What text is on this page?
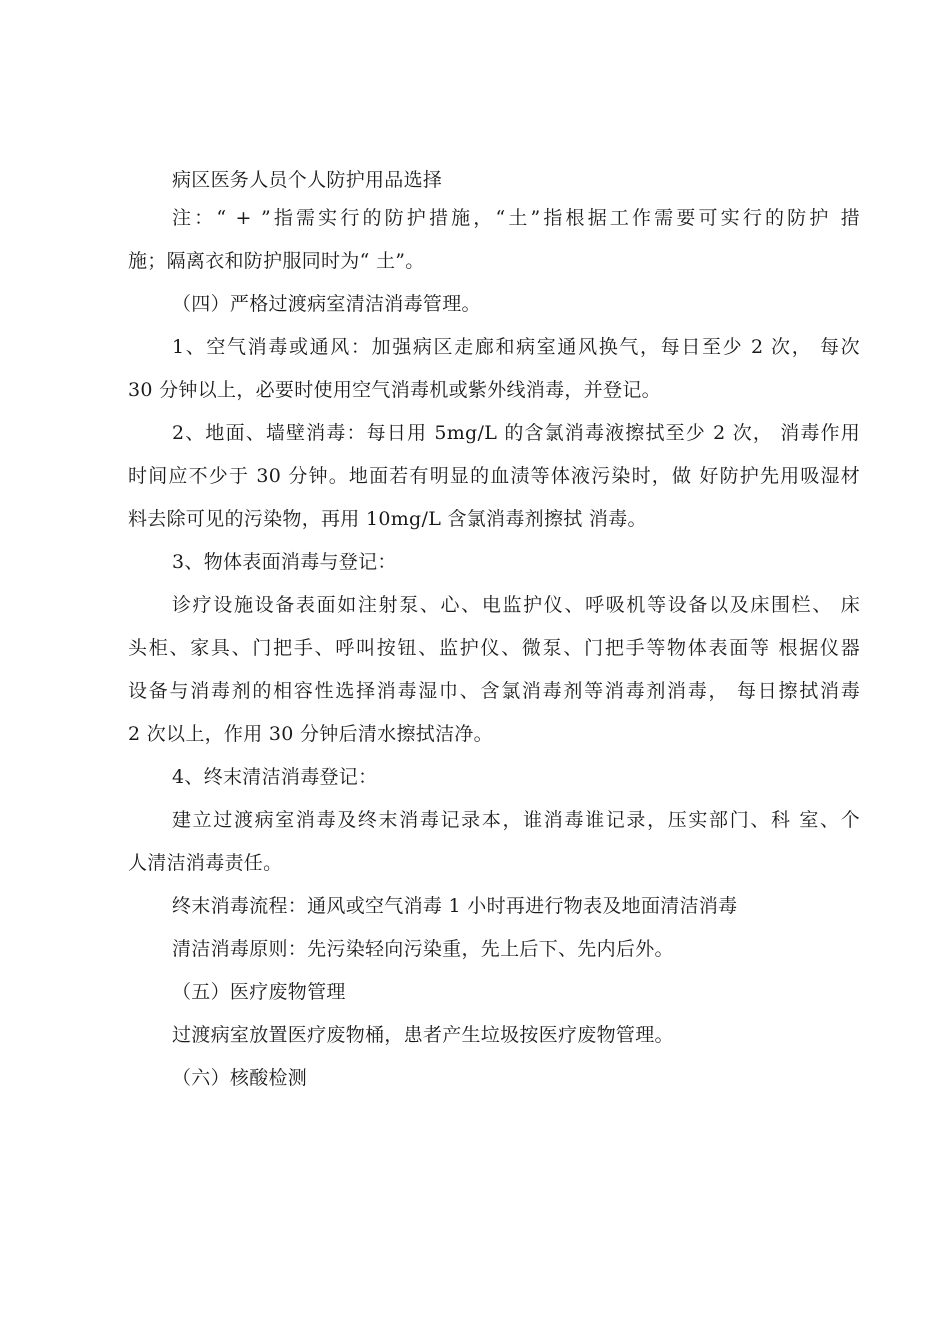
病区医务人员个人防护用品选择
注：“ + ”指需实行的防护措施，“土”指根据工作需要可实行的防护 措
施；隔离衣和防护服同时为“ 土”。
（四）严格过渡病室清洁消毒管理。
1、空气消毒或通风：加强病区走廊和病室通风换气，每日至少 2 次， 每次
30 分钟以上，必要时使用空气消毒机或紫外线消毒，并登记。
2、地面、墙壁消毒：每日用 5mg/L 的含氯消毒液擦拭至少 2 次， 消毒作用
时间应不少于 30 分钟。地面若有明显的血渍等体液污染时，做 好防护先用吸湿材
料去除可见的污染物，再用 10mg/L 含氯消毒剂擦拭 消毒。
3、物体表面消毒与登记：
诊疗设施设备表面如注射泵、心、电监护仪、呼吸机等设备以及床围栏、 床
头柜、家具、门把手、呼叫按钮、监护仪、微泵、门把手等物体表面等 根据仪器
设备与消毒剂的相容性选择消毒湿巾、含氯消毒剂等消毒剂消毒， 每日擦拭消毒
2 次以上，作用 30 分钟后清水擦拭洁净。
4、终末清洁消毒登记：
建立过渡病室消毒及终末消毒记录本，谁消毒谁记录，压实部门、科 室、个
人清洁消毒责任。
终末消毒流程：通风或空气消毒 1 小时再进行物表及地面清洁消毒
清洁消毒原则：先污染轻向污染重，先上后下、先内后外。
（五）医疗废物管理
过渡病室放置医疗废物桶，患者产生垃圾按医疗废物管理。
（六）核酸检测
